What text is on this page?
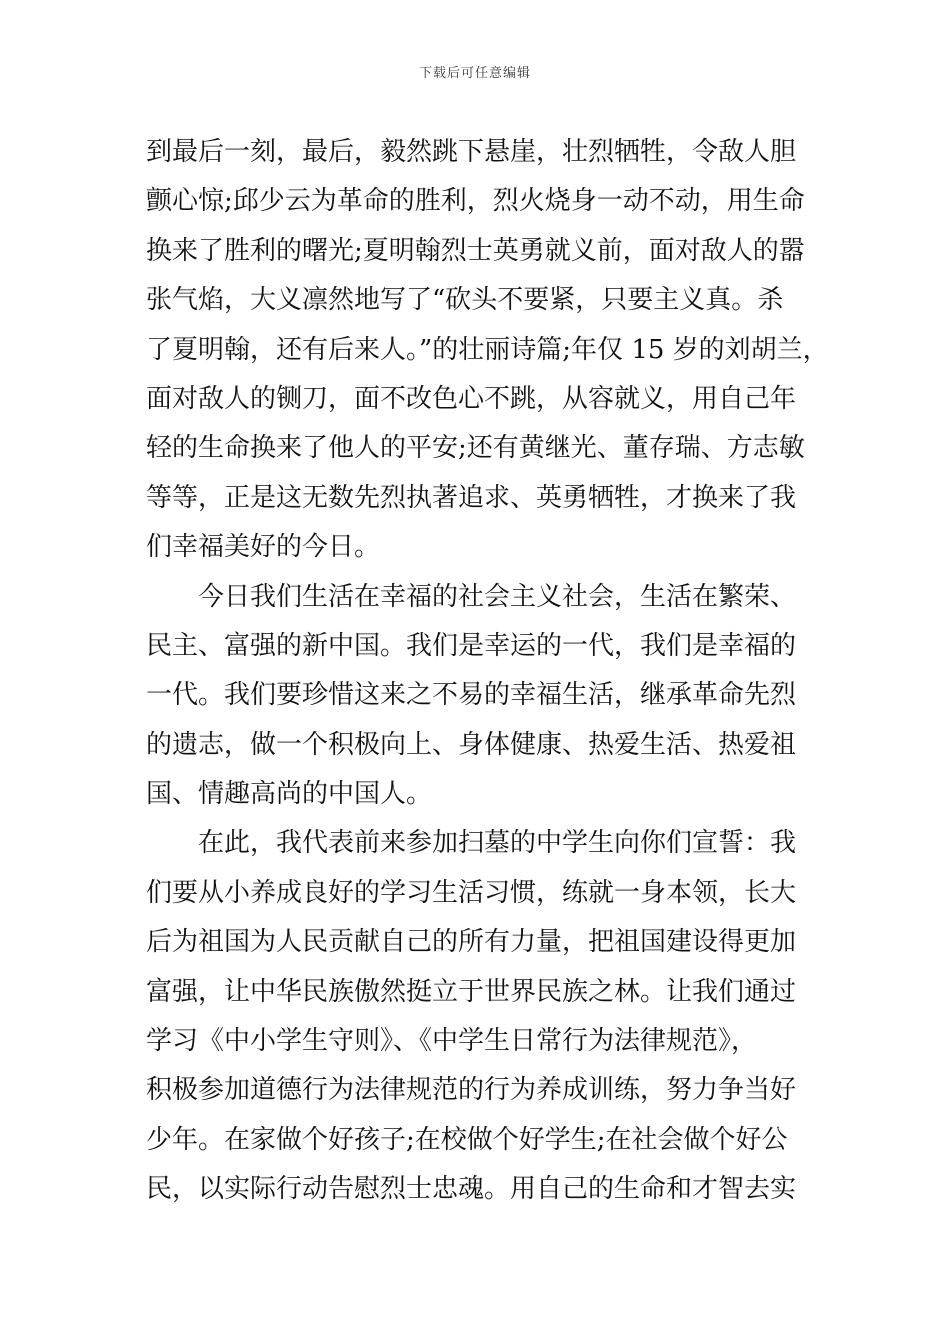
下载后可任意编辑
到最后一刻，最后，毅然跳下悬崖，壮烈牺牲，令敌人胆
颤心惊;邱少云为革命的胜利，烈火烧身一动不动，用生命
换来了胜利的曙光;夏明翰烈士英勇就义前，面对敌人的嚣
张气焰，大义凛然地写了“砍头不要紧，只要主义真。杀
了夏明翰，还有后来人。”的壮丽诗篇;年仅 15 岁的刘胡兰，
面对敌人的铡刀，面不改色心不跳，从容就义，用自己年
轻的生命换来了他人的平安;还有黄继光、董存瑞、方志敏
等等，正是这无数先烈执著追求、英勇牺牲，才换来了我
们幸福美好的今日。
今日我们生活在幸福的社会主义社会，生活在繁荣、
民主、富强的新中国。我们是幸运的一代，我们是幸福的
一代。我们要珍惜这来之不易的幸福生活，继承革命先烈
的遗志，做一个积极向上、身体健康、热爱生活、热爱祖
国、情趣高尚的中国人。
在此，我代表前来参加扫墓的中学生向你们宣誓：我
们要从小养成良好的学习生活习惯，练就一身本领，长大
后为祖国为人民贡献自己的所有力量，把祖国建设得更加
富强，让中华民族傲然挺立于世界民族之林。让我们通过
学习《中小学生守则》、《中学生日常行为法律规范》，
积极参加道德行为法律规范的行为养成训练，努力争当好
少年。在家做个好孩子;在校做个好学生;在社会做个好公
民，以实际行动告慰烈士忠魂。用自己的生命和才智去实
